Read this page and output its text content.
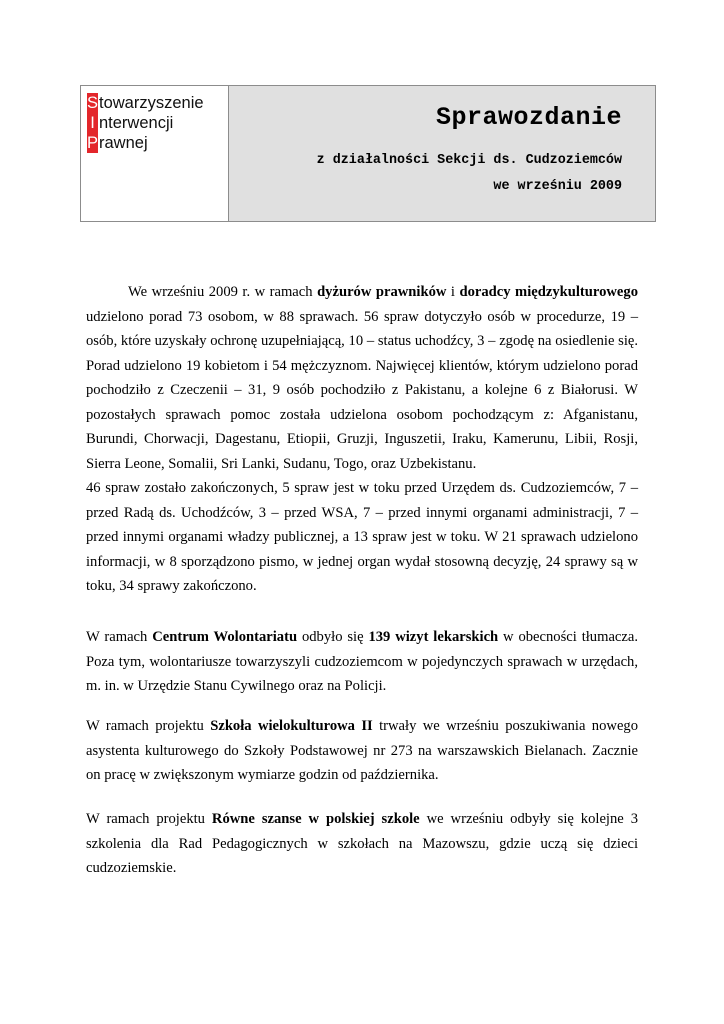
Stowarzyszenie
I nterwencji
Prawnej
Sprawozdanie
z działalności Sekcji ds. Cudzoziemców
we wrześniu 2009
We wrześniu 2009 r. w ramach dyżurów prawników i doradcy międzykulturowego udzielono porad 73 osobom, w 88 sprawach. 56 spraw dotyczyło osób w procedurze, 19 – osób, które uzyskały ochronę uzupełniającą, 10 – status uchodźcy, 3 – zgodę na osiedlenie się. Porad udzielono 19 kobietom i 54 mężczyznom. Najwięcej klientów, którym udzielono porad pochodziło z Czeczenii – 31, 9 osób pochodziło z Pakistanu, a kolejne 6 z Białorusi. W pozostałych sprawach pomoc została udzielona osobom pochodzącym z: Afganistanu, Burundi, Chorwacji, Dagestanu, Etiopii, Gruzji, Inguszetii, Iraku, Kamerunu, Libii, Rosji, Sierra Leone, Somalii, Sri Lanki, Sudanu, Togo, oraz Uzbekistanu.
46 spraw zostało zakończonych, 5 spraw jest w toku przed Urzędem ds. Cudzoziemców, 7 – przed Radą ds. Uchodźców, 3 – przed WSA, 7 – przed innymi organami administracji, 7 – przed innymi organami władzy publicznej, a 13 spraw jest w toku. W 21 sprawach udzielono informacji, w 8 sporządzono pismo, w jednej organ wydał stosowną decyzję, 24 sprawy są w toku, 34 sprawy zakończono.
W ramach Centrum Wolontariatu odbyło się 139 wizyt lekarskich w obecności tłumacza. Poza tym, wolontariusze towarzyszyli cudzoziemcom w pojedynczych sprawach w urzędach, m. in. w Urzędzie Stanu Cywilnego oraz na Policji.
W ramach projektu Szkoła wielokulturowa II trwały we wrześniu poszukiwania nowego asystenta kulturowego do Szkoły Podstawowej nr 273 na warszawskich Bielanach. Zacznie on pracę w zwiększonym wymiarze godzin od października.
W ramach projektu Równe szanse w polskiej szkole we wrześniu odbyły się kolejne 3 szkolenia dla Rad Pedagogicznych w szkołach na Mazowszu, gdzie uczą się dzieci cudzoziemskie.
